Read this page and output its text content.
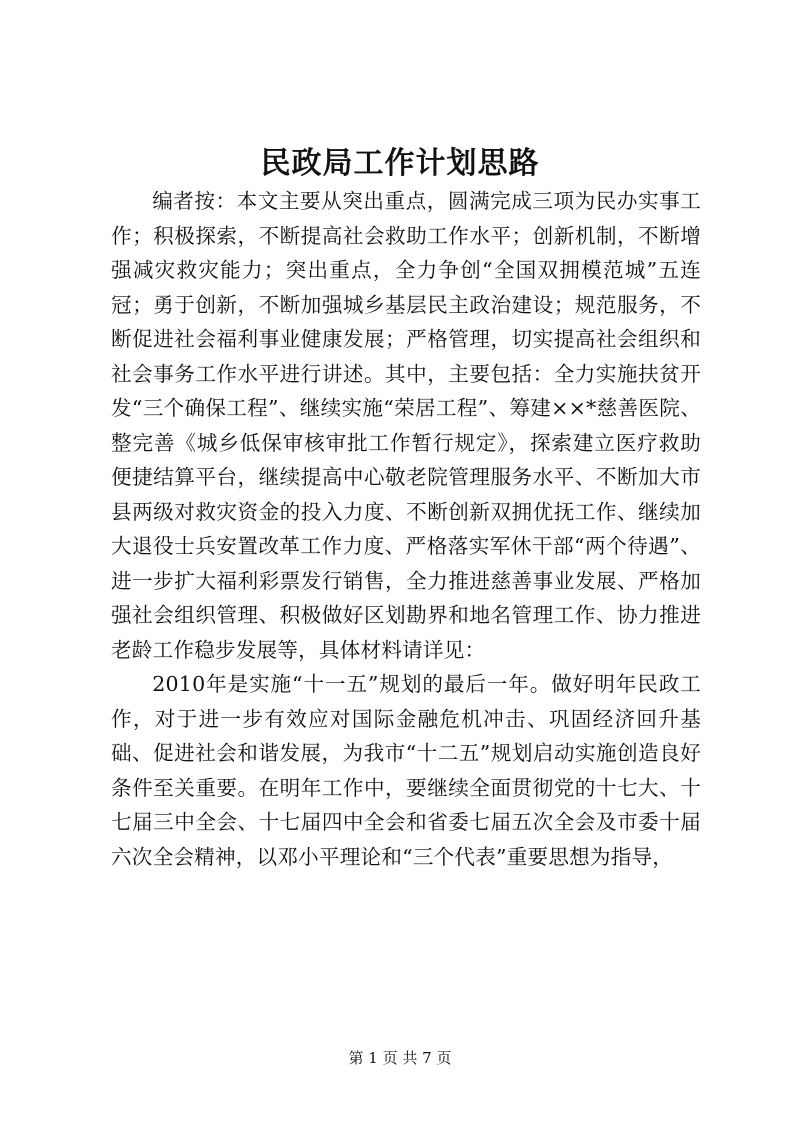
民政局工作计划思路

编者按：本文主要从突出重点，圆满完成三项为民办实事工作；积极探索，不断提高社会救助工作水平；创新机制，不断增强减灾救灾能力；突出重点，全力争创“全国双拥模范城”五连冠；勇于创新，不断加强城乡基层民主政治建设；规范服务，不断促进社会福利事业健康发展；严格管理，切实提高社会组织和社会事务工作水平进行讲述。其中，主要包括：全力实施扶贫开发“三个确保工程”、继续实施“荣居工程”、筹建××*慈善医院、整完善《城乡低保审核审批工作暂行规定》，探索建立医疗救助便捷结算平台，继续提高中心敬老院管理服务水平、不断加大市县两级对救灾资金的投入力度、不断创新双拥优抚工作、继续加大退役士兵安置改革工作力度、严格落实军休干部“两个待遇”、进一步扩大福利彩票发行销售，全力推进慈善事业发展、严格加强社会组织管理、积极做好区划勘界和地名管理工作、协力推进老龄工作稳步发展等，具体材料请详见：

2010年是实施“十一五”规划的最后一年。做好明年民政工作，对于进一步有效应对国际金融危机冲击、巩固经济回升基础、促进社会和谐发展，为我市“十二五”规划启动实施创造良好条件至关重要。在明年工作中，要继续全面贯彻党的十七大、十七届三中全会、十七届四中全会和省委七届五次全会及市委十届六次全会精神，以邓小平理论和“三个代表”重要思想为指导，

第 1 页 共 7 页
